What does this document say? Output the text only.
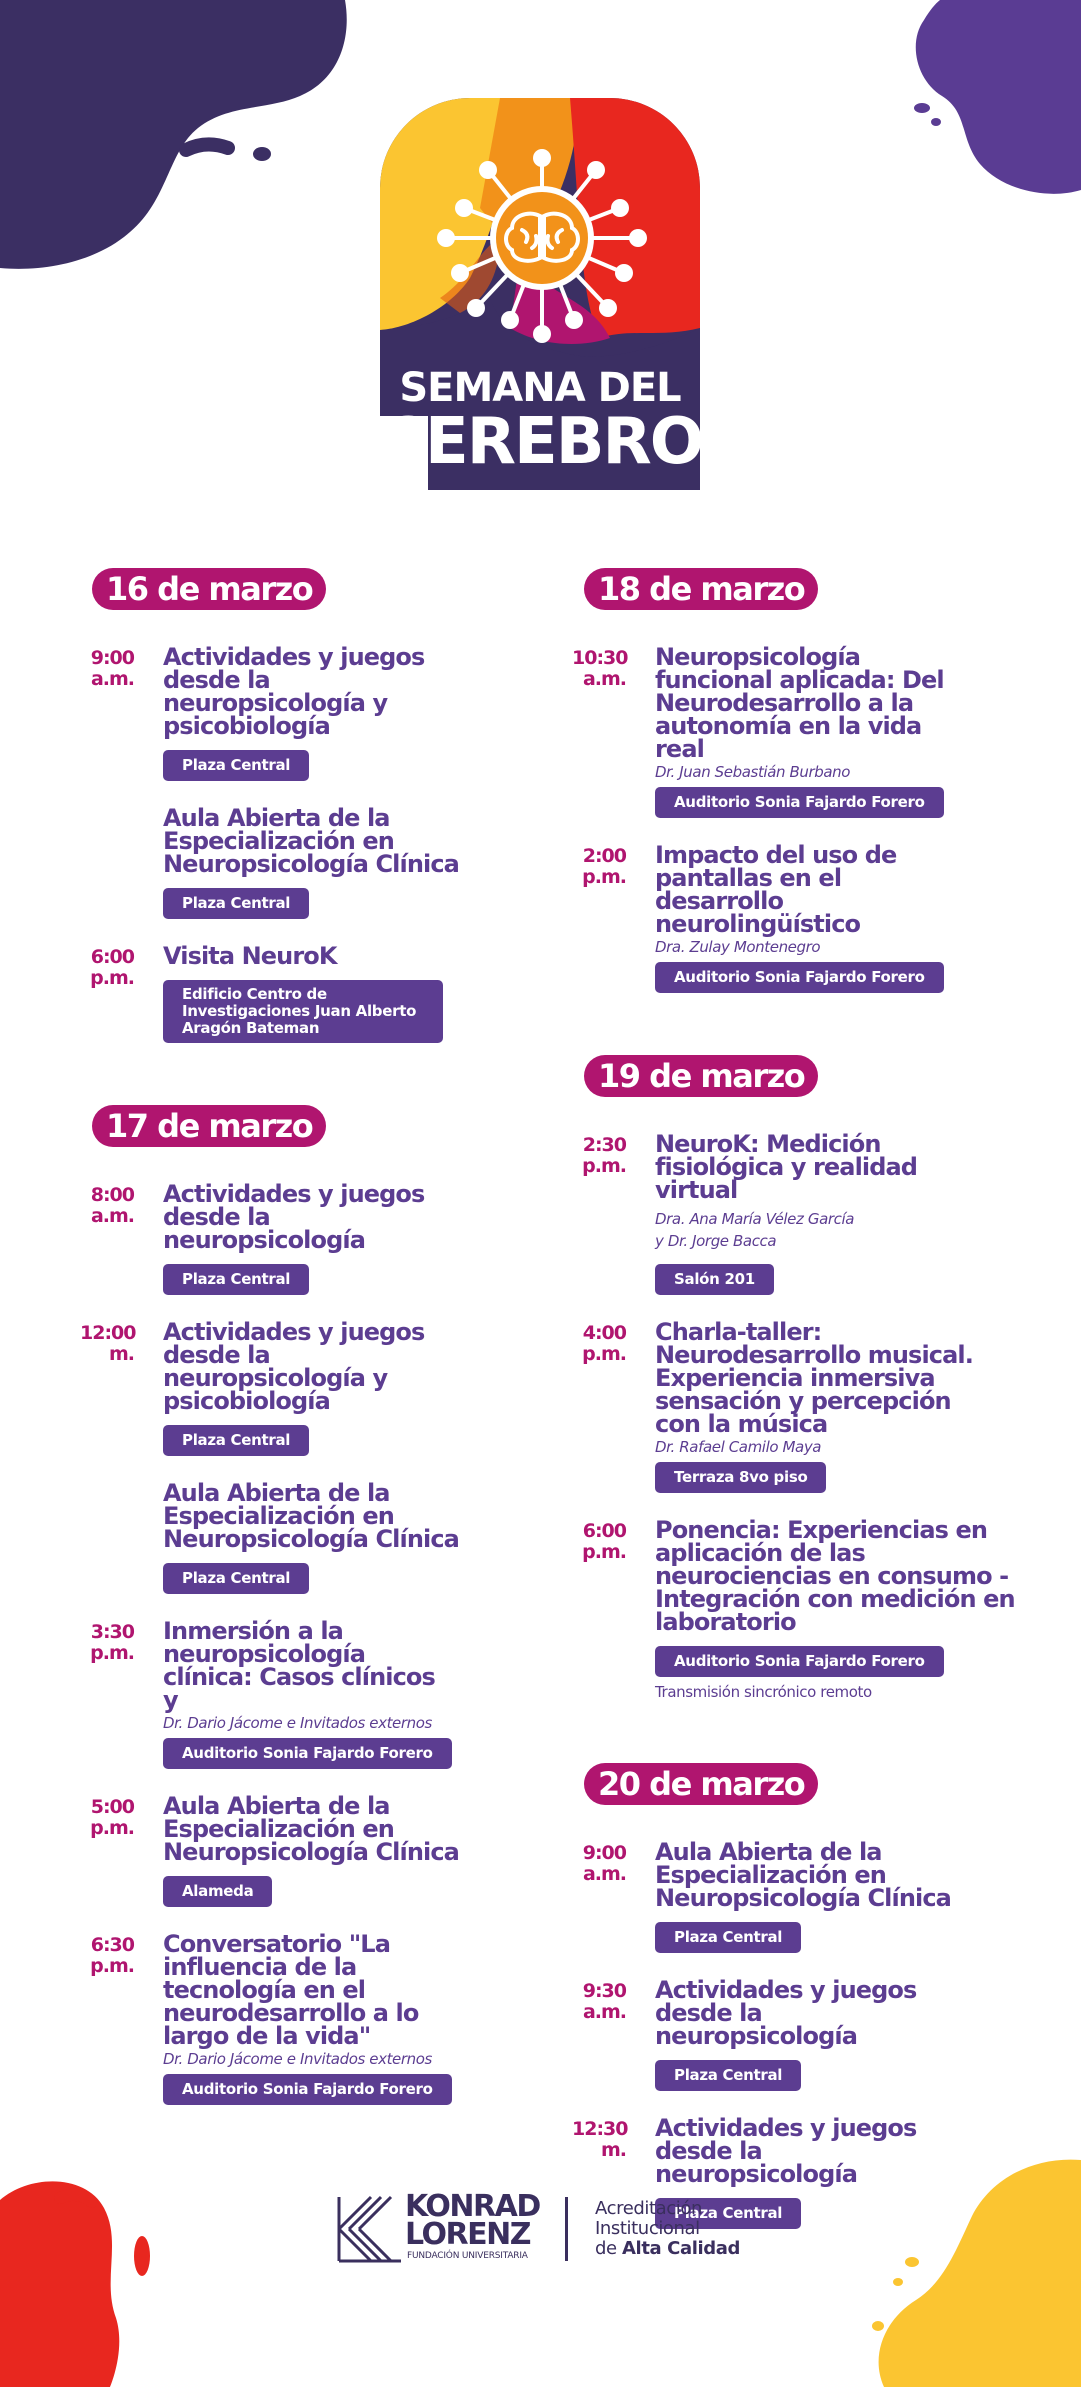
SEMANA DEL
CEREBRO
16 de marzo
9:00
a.m.
Actividades y juegos desde la neuropsicología y psicobiología
Plaza Central
Aula Abierta de la Especialización en Neuropsicología Clínica
Plaza Central
6:00
p.m.
Visita NeuroK
Edificio Centro de Investigaciones Juan Alberto Aragón Bateman
17 de marzo
8:00
a.m.
Actividades y juegos desde la neuropsicología
Plaza Central
12:00
m.
Actividades y juegos desde la neuropsicología y psicobiología
Plaza Central
Aula Abierta de la Especialización en Neuropsicología Clínica
Plaza Central
3:30
p.m.
Inmersión a la neuropsicología clínica: Casos clínicos y
Dr. Dario Jácome e Invitados externos
Auditorio Sonia Fajardo Forero
5:00
p.m.
Aula Abierta de la Especialización en Neuropsicología Clínica
Alameda
6:30
p.m.
Conversatorio "La influencia de la tecnología en el neurodesarrollo a lo largo de la vida"
Dr. Dario Jácome e Invitados externos
Auditorio Sonia Fajardo Forero
18 de marzo
10:30
a.m.
Neuropsicología funcional aplicada: Del Neurodesarrollo a la autonomía en la vida real
Dr. Juan Sebastián Burbano
Auditorio Sonia Fajardo Forero
2:00
p.m.
Impacto del uso de pantallas en el desarrollo neurolingüístico
Dra. Zulay Montenegro
Auditorio Sonia Fajardo Forero
19 de marzo
2:30
p.m.
NeuroK: Medición fisiológica y realidad virtual
Dra. Ana María Vélez García
y Dr. Jorge Bacca
Salón 201
4:00
p.m.
Charla-taller: Neurodesarrollo musical. Experiencia inmersiva sensación y percepción con la música
Dr. Rafael Camilo Maya
Terraza 8vo piso
6:00
p.m.
Ponencia: Experiencias en aplicación de las neurociencias en consumo - Integración con medición en laboratorio
Auditorio Sonia Fajardo Forero
Transmisión sincrónico remoto
20 de marzo
9:00
a.m.
Aula Abierta de la Especialización en Neuropsicología Clínica
Plaza Central
9:30
a.m.
Actividades y juegos desde la neuropsicología
Plaza Central
12:30
m.
Actividades y juegos desde la neuropsicología
Plaza Central
KONRAD
LORENZ
FUNDACIÓN UNIVERSITARIA
Acreditación
Institucional
de Alta Calidad
